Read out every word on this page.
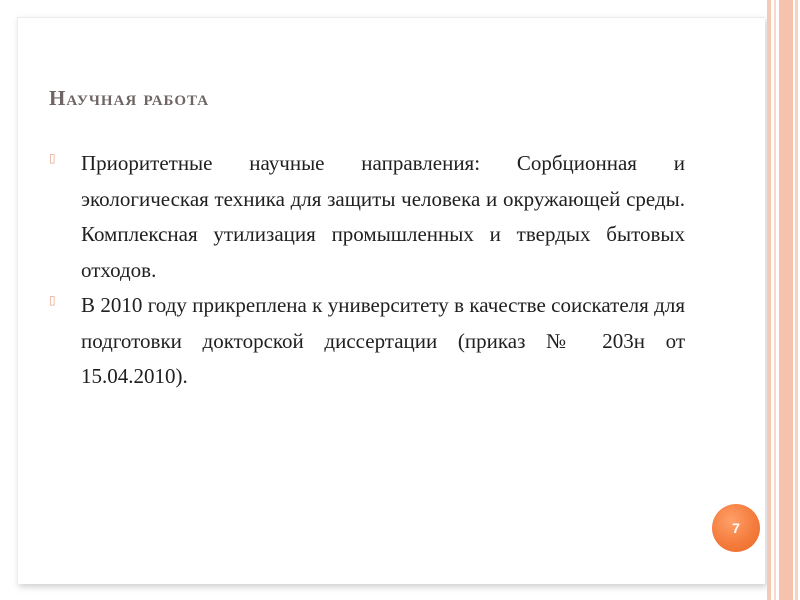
Научная работа

▯ Приоритетные научные направления: Сорбционная и экологическая техника для защиты человека и окружающей среды. Комплексная утилизация промышленных и твердых бытовых отходов.

▯ В 2010 году прикреплена к университету в качестве соискателя для подготовки докторской диссертации (приказ № 203н от 15.04.2010).

7
